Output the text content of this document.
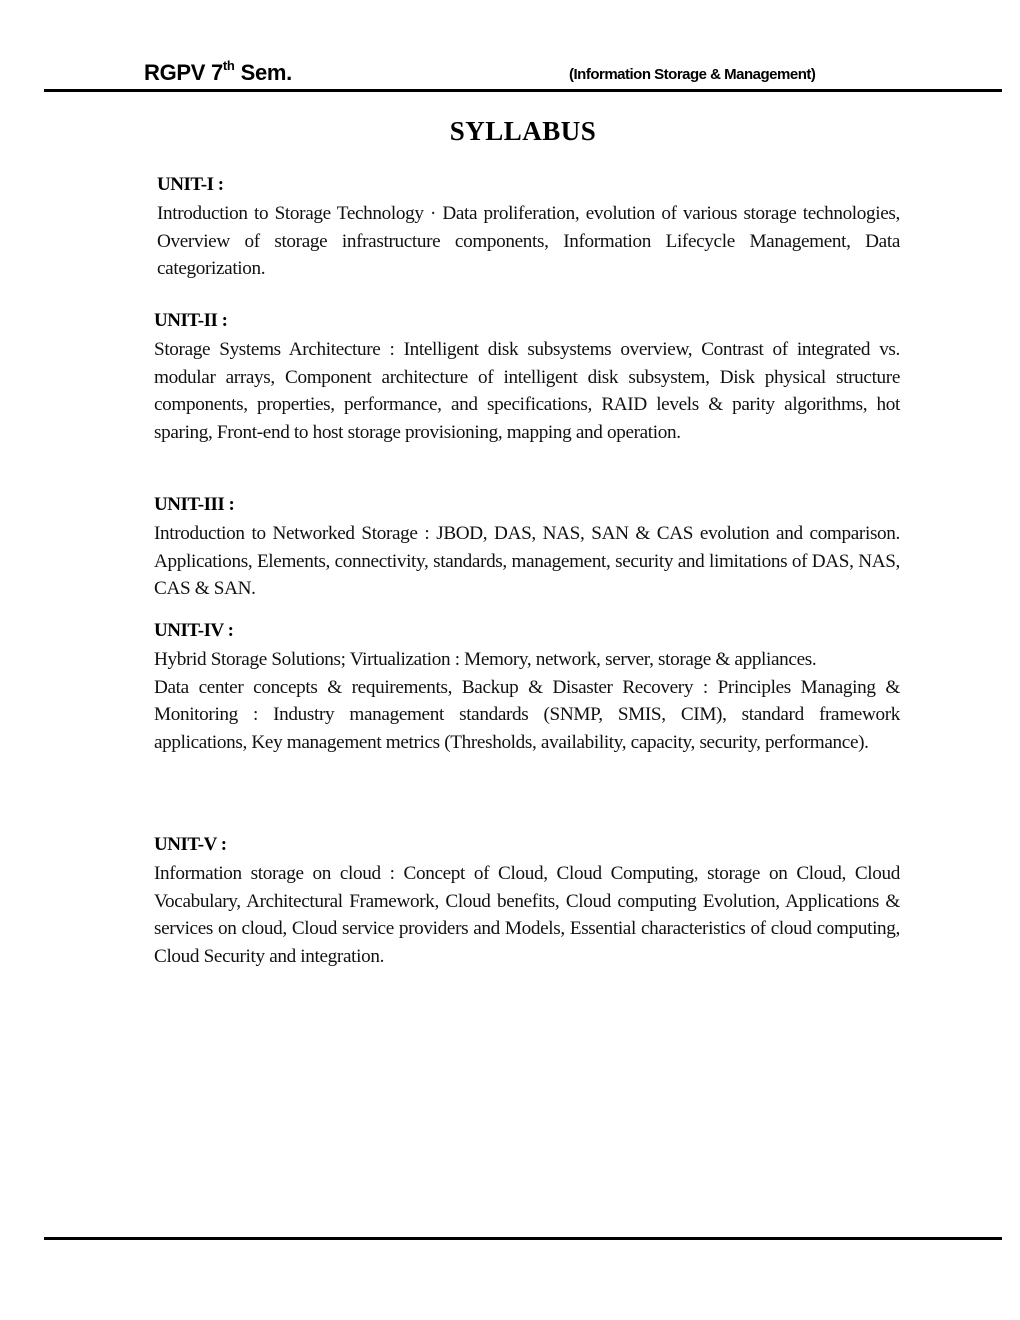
RGPV 7th Sem.	(Information Storage & Management)
SYLLABUS

UNIT-I :

Introduction to Storage Technology · Data proliferation, evolution of various storage technologies, Overview of storage infrastructure components, Information Lifecycle Management, Data categorization.

UNIT-II :

Storage Systems Architecture : Intelligent disk subsystems overview, Contrast of integrated vs. modular arrays, Component architecture of intelligent disk subsystem, Disk physical structure components, properties, performance, and specifications, RAID levels & parity algorithms, hot sparing, Front-end to host storage provisioning, mapping and operation.

UNIT-III :

Introduction to Networked Storage : JBOD, DAS, NAS, SAN & CAS evolution and comparison. Applications, Elements, connectivity, standards, management, security and limitations of DAS, NAS, CAS & SAN.

UNIT-IV :

Hybrid Storage Solutions; Virtualization : Memory, network, server, storage & appliances.

Data center concepts & requirements, Backup & Disaster Recovery : Principles Managing & Monitoring : Industry management standards (SNMP, SMIS, CIM), standard framework applications, Key management metrics (Thresholds, availability, capacity, security, performance).

UNIT-V :

Information storage on cloud : Concept of Cloud, Cloud Computing, storage on Cloud, Cloud Vocabulary, Architectural Framework, Cloud benefits, Cloud computing Evolution, Applications & services on cloud, Cloud service providers and Models, Essential characteristics of cloud computing, Cloud Security and integration.
